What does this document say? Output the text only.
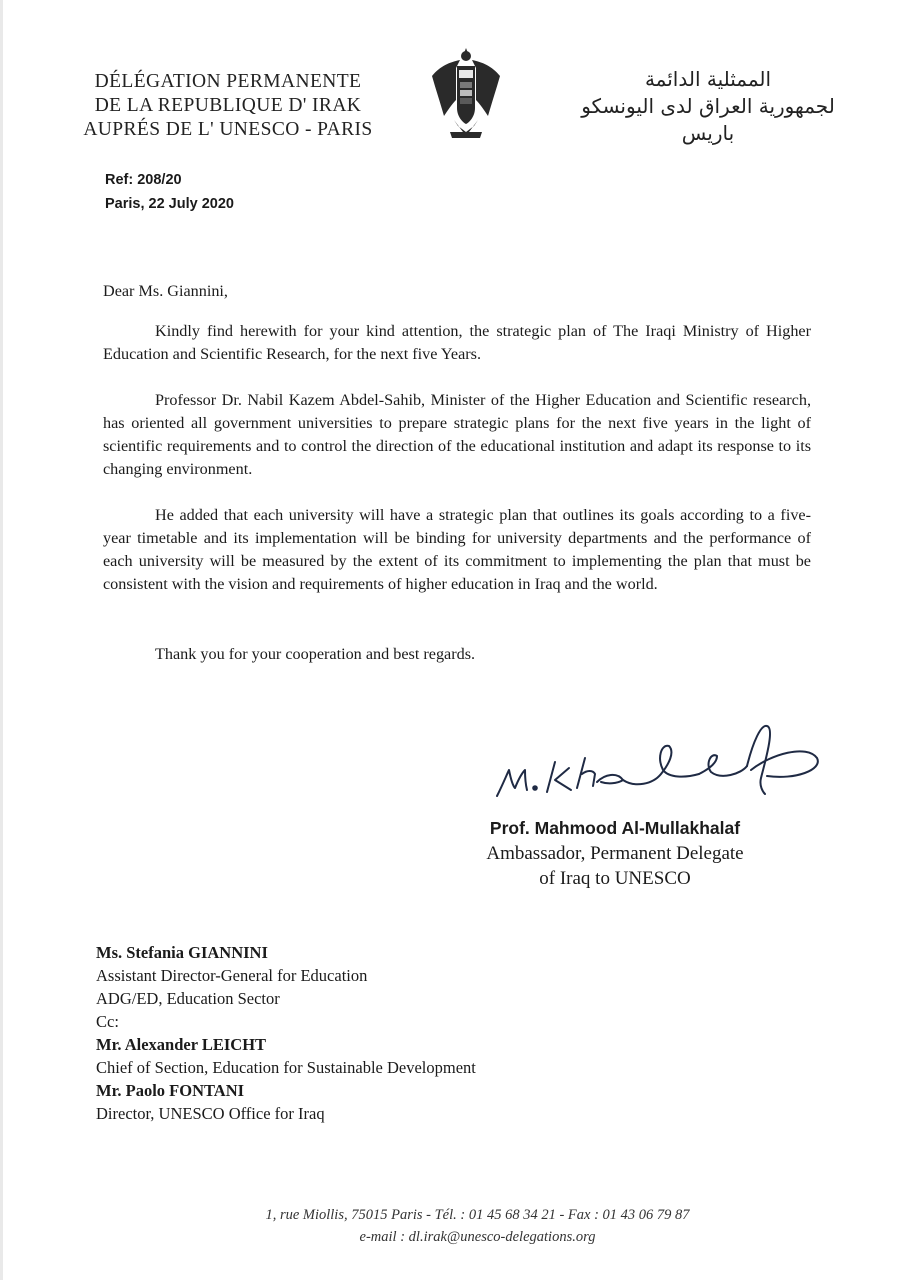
DÉLÉGATION PERMANENTE
DE LA REPUBLIQUE D' IRAK
AUPRÉS DE L' UNESCO - PARIS
الممثلية الدائمة
لجمهورية العراق لدى اليونسكو
باريس
Ref: 208/20
Paris, 22 July 2020
Dear Ms. Giannini,
Kindly find herewith for your kind attention, the strategic plan of The Iraqi Ministry of Higher Education and Scientific Research, for the next five Years.
Professor Dr. Nabil Kazem Abdel-Sahib, Minister of the Higher Education and Scientific research, has oriented all government universities to prepare strategic plans for the next five years in the light of scientific requirements and to control the direction of the educational institution and adapt its response to its changing environment.
He added that each university will have a strategic plan that outlines its goals according to a five-year timetable and its implementation will be binding for university departments and the performance of each university will be measured by the extent of its commitment to implementing the plan that must be consistent with the vision and requirements of higher education in Iraq and the world.
Thank you for your cooperation and best regards.
Prof. Mahmood Al-Mullakhalaf
Ambassador, Permanent Delegate
of Iraq to UNESCO
Ms. Stefania GIANNINI
Assistant Director-General for Education
ADG/ED, Education Sector
Cc:
Mr. Alexander LEICHT
Chief of Section, Education for Sustainable Development
Mr. Paolo FONTANI
Director, UNESCO Office for Iraq
1, rue Miollis, 75015 Paris - Tél. : 01 45 68 34 21 - Fax : 01 43 06 79 87
e-mail : dl.irak@unesco-delegations.org
